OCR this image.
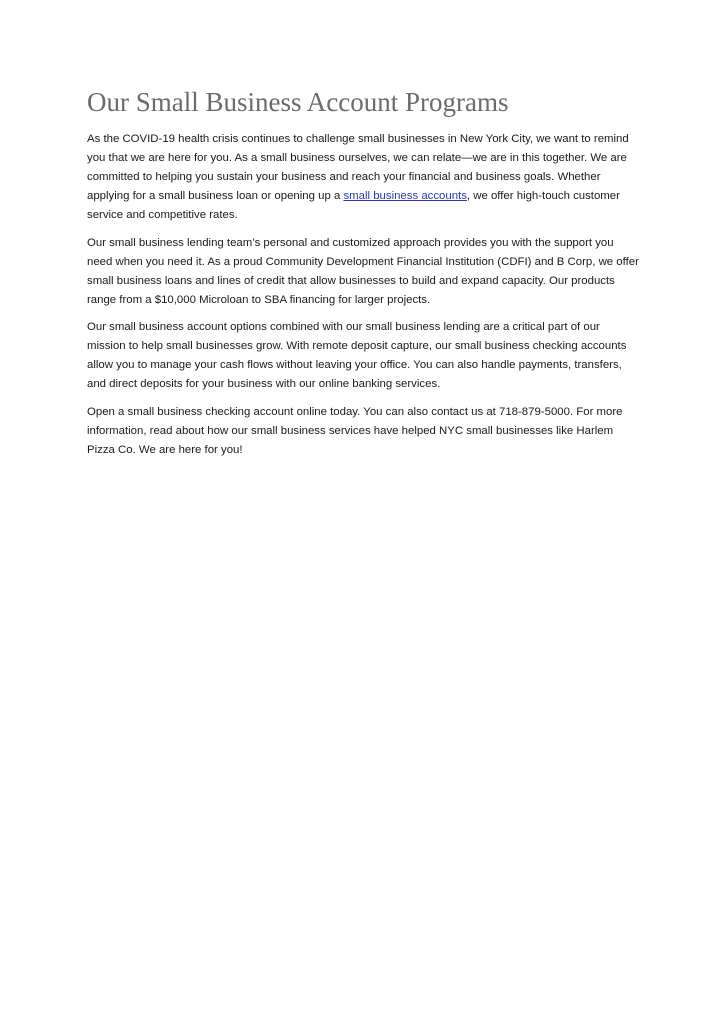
Our Small Business Account Programs

As the COVID-19 health crisis continues to challenge small businesses in New York City, we want to remind you that we are here for you. As a small business ourselves, we can relate—we are in this together. We are committed to helping you sustain your business and reach your financial and business goals. Whether applying for a small business loan or opening up a small business accounts, we offer high-touch customer service and competitive rates.

Our small business lending team’s personal and customized approach provides you with the support you need when you need it. As a proud Community Development Financial Institution (CDFI) and B Corp, we offer small business loans and lines of credit that allow businesses to build and expand capacity. Our products range from a $10,000 Microloan to SBA financing for larger projects.

Our small business account options combined with our small business lending are a critical part of our mission to help small businesses grow. With remote deposit capture, our small business checking accounts allow you to manage your cash flows without leaving your office. You can also handle payments, transfers, and direct deposits for your business with our online banking services.

Open a small business checking account online today. You can also contact us at 718-879-5000. For more information, read about how our small business services have helped NYC small businesses like Harlem Pizza Co. We are here for you!
